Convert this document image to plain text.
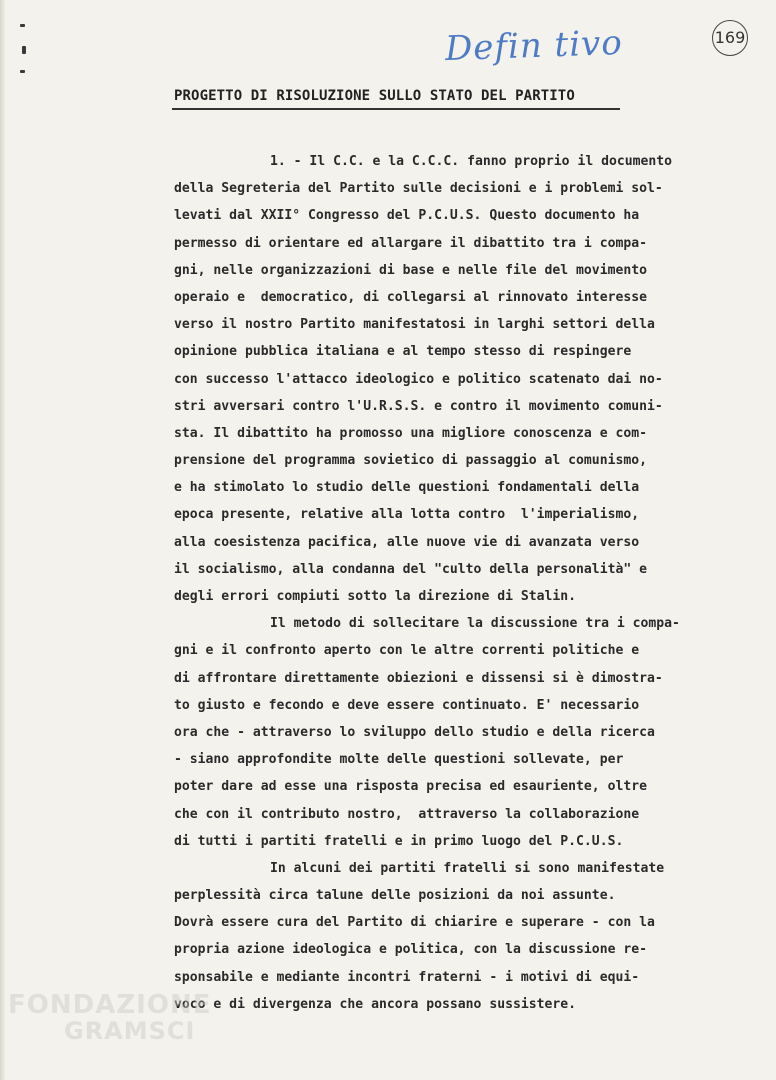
Defin tivo	169
PROGETTO DI RISOLUZIONE SULLO STATO DEL PARTITO
1. - Il C.C. e la C.C.C. fanno proprio il documento
della Segreteria del Partito sulle decisioni e i problemi sol-
levati dal XXII° Congresso del P.C.U.S. Questo documento ha
permesso di orientare ed allargare il dibattito tra i compa-
gni, nelle organizzazioni di base e nelle file del movimento
operaio e  democratico, di collegarsi al rinnovato interesse
verso il nostro Partito manifestatosi in larghi settori della
opinione pubblica italiana e al tempo stesso di respingere
con successo l'attacco ideologico e politico scatenato dai no-
stri avversari contro l'U.R.S.S. e contro il movimento comuni-
sta. Il dibattito ha promosso una migliore conoscenza e com-
prensione del programma sovietico di passaggio al comunismo,
e ha stimolato lo studio delle questioni fondamentali della
epoca presente, relative alla lotta contro  l'imperialismo,
alla coesistenza pacifica, alle nuove vie di avanzata verso
il socialismo, alla condanna del "culto della personalità" e
degli errori compiuti sotto la direzione di Stalin.
Il metodo di sollecitare la discussione tra i compa-
gni e il confronto aperto con le altre correnti politiche e
di affrontare direttamente obiezioni e dissensi si è dimostra-
to giusto e fecondo e deve essere continuato. E' necessario
ora che - attraverso lo sviluppo dello studio e della ricerca
- siano approfondite molte delle questioni sollevate, per
poter dare ad esse una risposta precisa ed esauriente, oltre
che con il contributo nostro,  attraverso la collaborazione
di tutti i partiti fratelli e in primo luogo del P.C.U.S.
In alcuni dei partiti fratelli si sono manifestate
perplessità circa talune delle posizioni da noi assunte.
Dovrà essere cura del Partito di chiarire e superare - con la
propria azione ideologica e politica, con la discussione re-
sponsabile e mediante incontri fraterni - i motivi di equi-
voco e di divergenza che ancora possano sussistere.
FONDAZIONE
GRAMSCI
